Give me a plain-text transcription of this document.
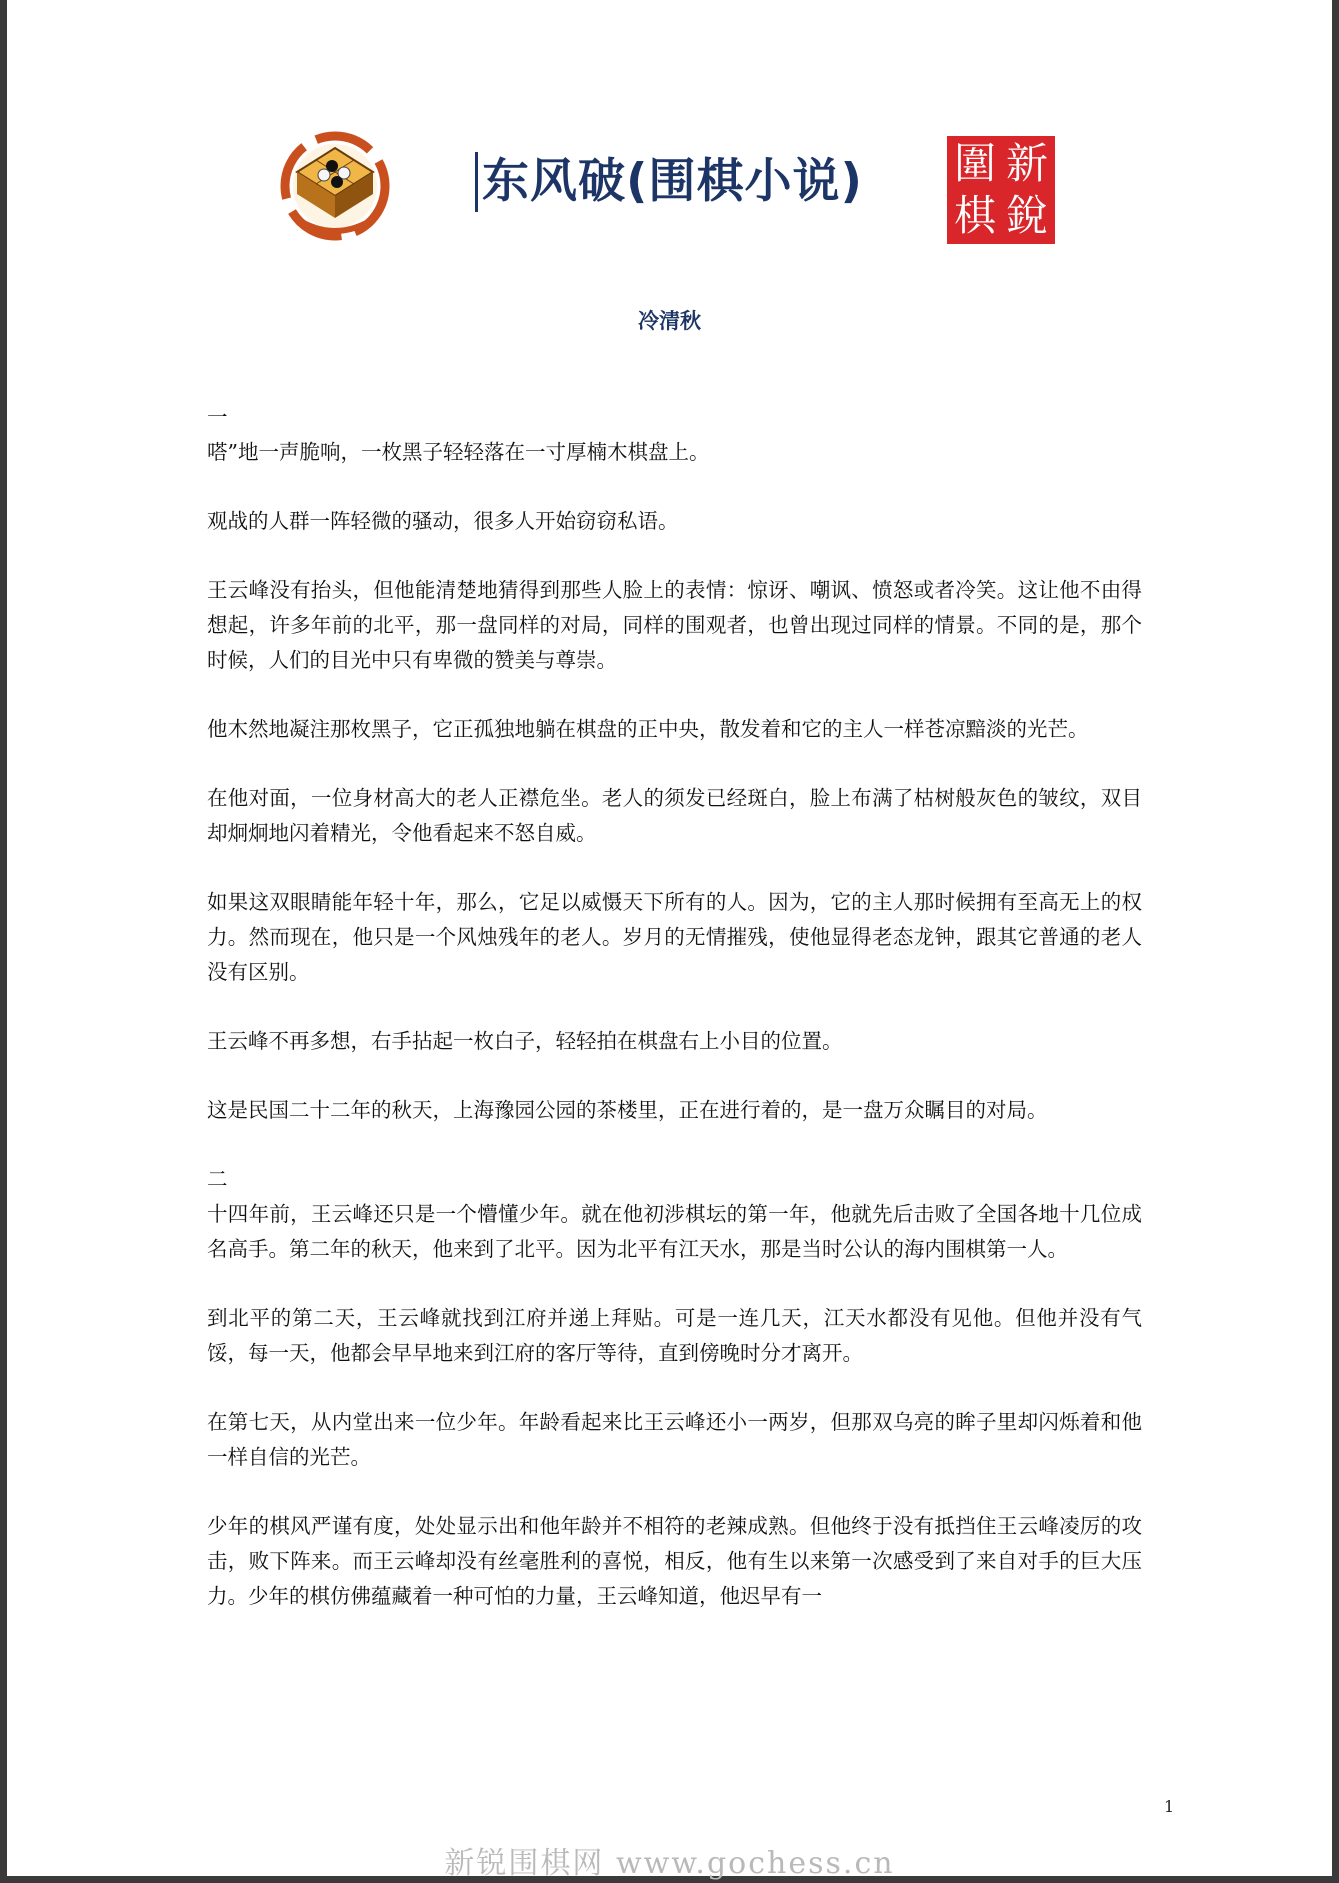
东风破(围棋小说) 圍 新
棋 銳
冷清秋

一

嗒”地一声脆响，一枚黑子轻轻落在一寸厚楠木棋盘上。

观战的人群一阵轻微的骚动，很多人开始窃窃私语。

王云峰没有抬头，但他能清楚地猜得到那些人脸上的表情：惊讶、嘲讽、愤怒或者冷笑。这让他不由得想起，许多年前的北平，那一盘同样的对局，同样的围观者，也曾出现过同样的情景。不同的是，那个时候，人们的目光中只有卑微的赞美与尊崇。

他木然地凝注那枚黑子，它正孤独地躺在棋盘的正中央，散发着和它的主人一样苍凉黯淡的光芒。

在他对面，一位身材高大的老人正襟危坐。老人的须发已经斑白，脸上布满了枯树般灰色的皱纹，双目却炯炯地闪着精光，令他看起来不怒自威。

如果这双眼睛能年轻十年，那么，它足以威慑天下所有的人。因为，它的主人那时候拥有至高无上的权力。然而现在，他只是一个风烛残年的老人。岁月的无情摧残，使他显得老态龙钟，跟其它普通的老人没有区别。

王云峰不再多想，右手拈起一枚白子，轻轻拍在棋盘右上小目的位置。

这是民国二十二年的秋天，上海豫园公园的茶楼里，正在进行着的，是一盘万众瞩目的对局。

二

十四年前，王云峰还只是一个懵懂少年。就在他初涉棋坛的第一年，他就先后击败了全国各地十几位成名高手。第二年的秋天，他来到了北平。因为北平有江天水，那是当时公认的海内围棋第一人。

到北平的第二天，王云峰就找到江府并递上拜贴。可是一连几天，江天水都没有见他。但他并没有气馁，每一天，他都会早早地来到江府的客厅等待，直到傍晚时分才离开。

在第七天，从内堂出来一位少年。年龄看起来比王云峰还小一两岁，但那双乌亮的眸子里却闪烁着和他一样自信的光芒。

少年的棋风严谨有度，处处显示出和他年龄并不相符的老辣成熟。但他终于没有抵挡住王云峰凌厉的攻击，败下阵来。而王云峰却没有丝毫胜利的喜悦，相反，他有生以来第一次感受到了来自对手的巨大压力。少年的棋仿佛蕴藏着一种可怕的力量，王云峰知道，他迟早有一

1
新锐围棋网 www.gochess.cn
